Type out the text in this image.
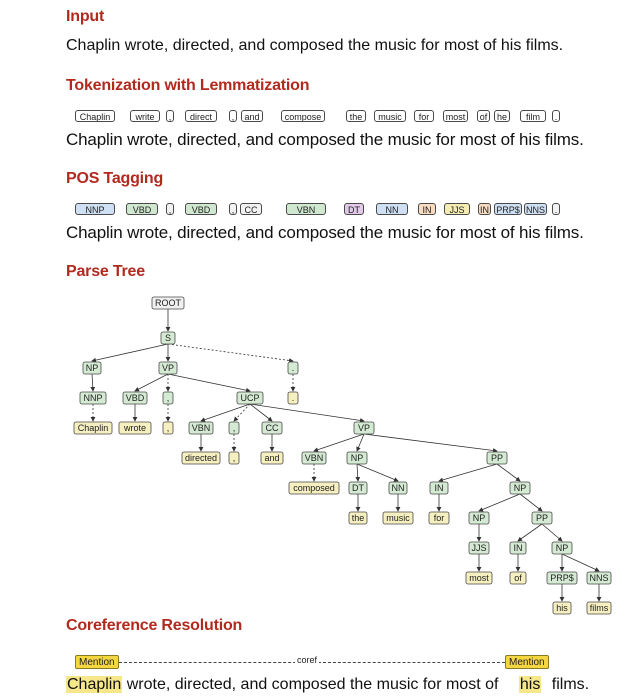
Input
Chaplin wrote, directed, and composed the music for most of his films.
Tokenization with Lemmatization
Chaplin	write	,	direct	,	and	compose	the	music	for	most	of	he	film	.
Chaplin wrote, directed, and composed the music for most of his films.
POS Tagging
NNP	VBD	,	VBD	,	CC	VBN	DT	NN	IN	JJS	IN PRP$ NNS	.
Chaplin wrote, directed, and composed the music for most of his films.
Parse Tree
ROOT
S
NP	VP	.
NNP	VBD ,	UCP
VBN ,	CC	VP
VBN	NP	PP
DT	NN	IN	NP
NP	PP
JJS	IN	NP
PRP$ NNS
Chaplin wrote ,
directed ,	and
.
composed
the music	for
most	of
his films
Coreference Resolution
coref
Mention	Mention
Chaplin wrote, directed, and composed the music for most of his films.
